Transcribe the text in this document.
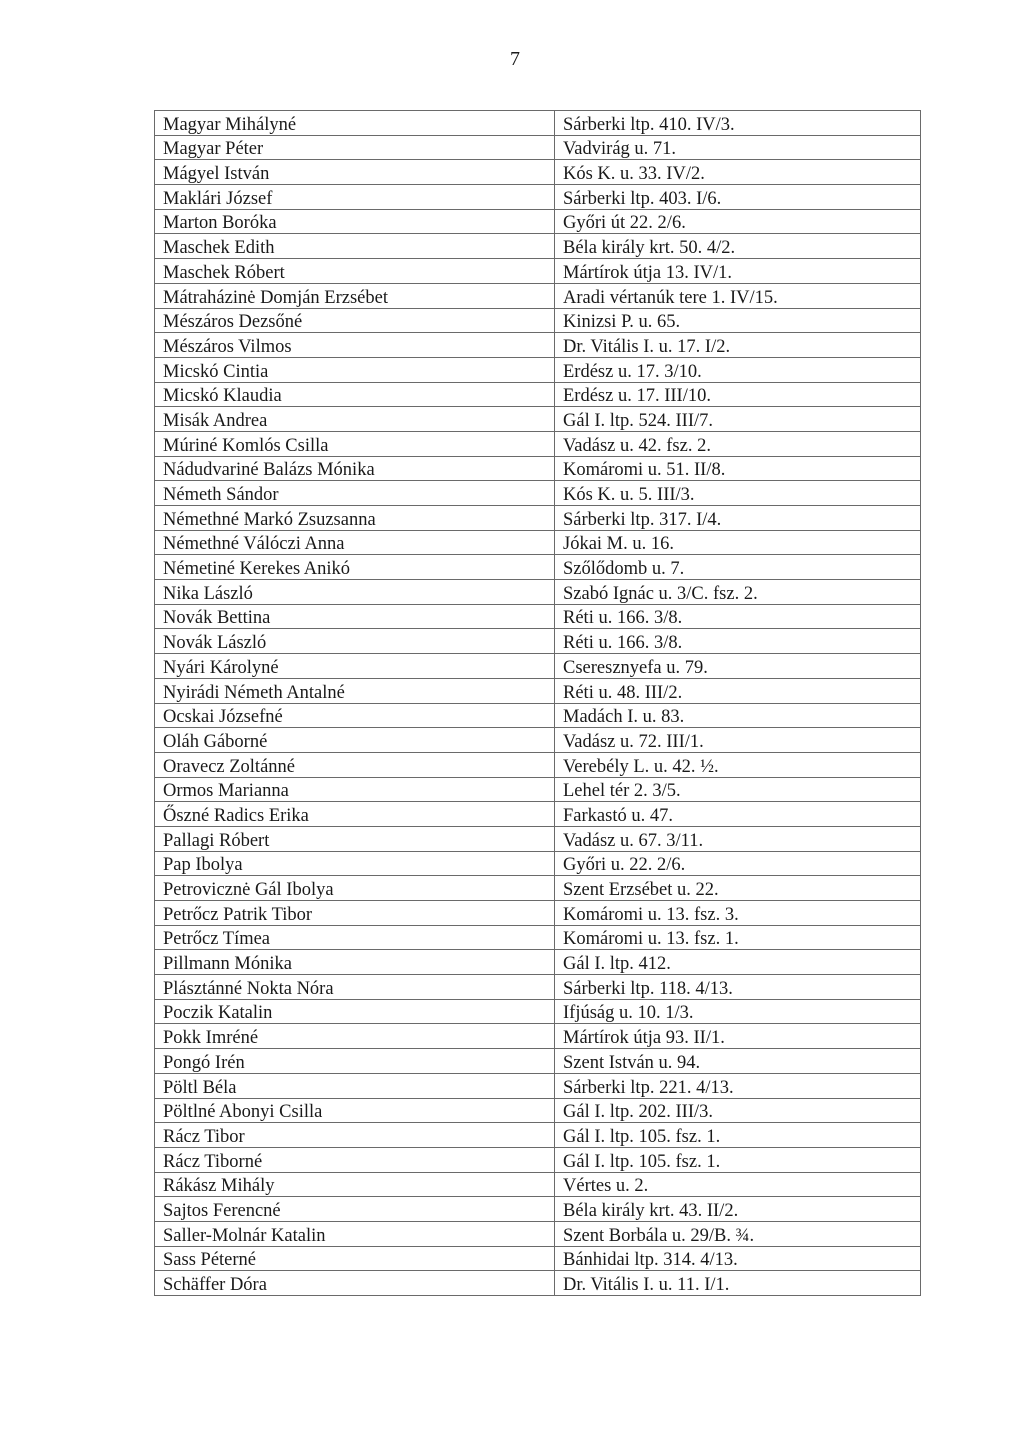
7
Magyar Mihályné	Sárberki ltp. 410. IV/3.
Magyar Péter	Vadvirág u. 71.
Mágyel István	Kós K. u. 33. IV/2.
Maklári József	Sárberki ltp. 403. I/6.
Marton Boróka	Győri út 22. 2/6.
Maschek Edith	Béla király krt. 50. 4/2.
Maschek Róbert	Mártírok útja 13. IV/1.
Mátraházinė Domján Erzsébet	Aradi vértanúk tere 1. IV/15.
Mészáros Dezsőné	Kinizsi P. u. 65.
Mészáros Vilmos	Dr. Vitális I. u. 17. I/2.
Micskó Cintia	Erdész u. 17. 3/10.
Micskó Klaudia	Erdész u. 17. III/10.
Misák Andrea	Gál I. ltp. 524. III/7.
Múriné Komlós Csilla	Vadász u. 42. fsz. 2.
Nádudvariné Balázs Mónika	Komáromi u. 51. II/8.
Németh Sándor	Kós K. u. 5. III/3.
Némethné Markó Zsuzsanna	Sárberki ltp. 317. I/4.
Némethné Válóczi Anna	Jókai M. u. 16.
Németiné Kerekes Anikó	Szőlődomb u. 7.
Nika László	Szabó Ignác u. 3/C. fsz. 2.
Novák Bettina	Réti u. 166. 3/8.
Novák László	Réti u. 166. 3/8.
Nyári Károlyné	Cseresznyefa u. 79.
Nyirádi Németh Antalné	Réti u. 48. III/2.
Ocskai Józsefné	Madách I. u. 83.
Oláh Gáborné	Vadász u. 72. III/1.
Oravecz Zoltánné	Verebély L. u. 42. ½.
Ormos Marianna	Lehel tér 2. 3/5.
Őszné Radics Erika	Farkastó u. 47.
Pallagi Róbert	Vadász u. 67. 3/11.
Pap Ibolya	Győri u. 22. 2/6.
Petrovicznė Gál Ibolya	Szent Erzsébet u. 22.
Petrőcz Patrik Tibor	Komáromi u. 13. fsz. 3.
Petrőcz Tímea	Komáromi u. 13. fsz. 1.
Pillmann Mónika	Gál I. ltp. 412.
Plásztánné Nokta Nóra	Sárberki ltp. 118. 4/13.
Poczik Katalin	Ifjúság u. 10. 1/3.
Pokk Imréné	Mártírok útja 93. II/1.
Pongó Irén	Szent István u. 94.
Pöltl Béla	Sárberki ltp. 221. 4/13.
Pöltlné Abonyi Csilla	Gál I. ltp. 202. III/3.
Rácz Tibor	Gál I. ltp. 105. fsz. 1.
Rácz Tiborné	Gál I. ltp. 105. fsz. 1.
Rákász Mihály	Vértes u. 2.
Sajtos Ferencné	Béla király krt. 43. II/2.
Saller-Molnár Katalin	Szent Borbála u. 29/B. ¾.
Sass Péterné	Bánhidai ltp. 314. 4/13.
Schäffer Dóra	Dr. Vitális I. u. 11. I/1.
